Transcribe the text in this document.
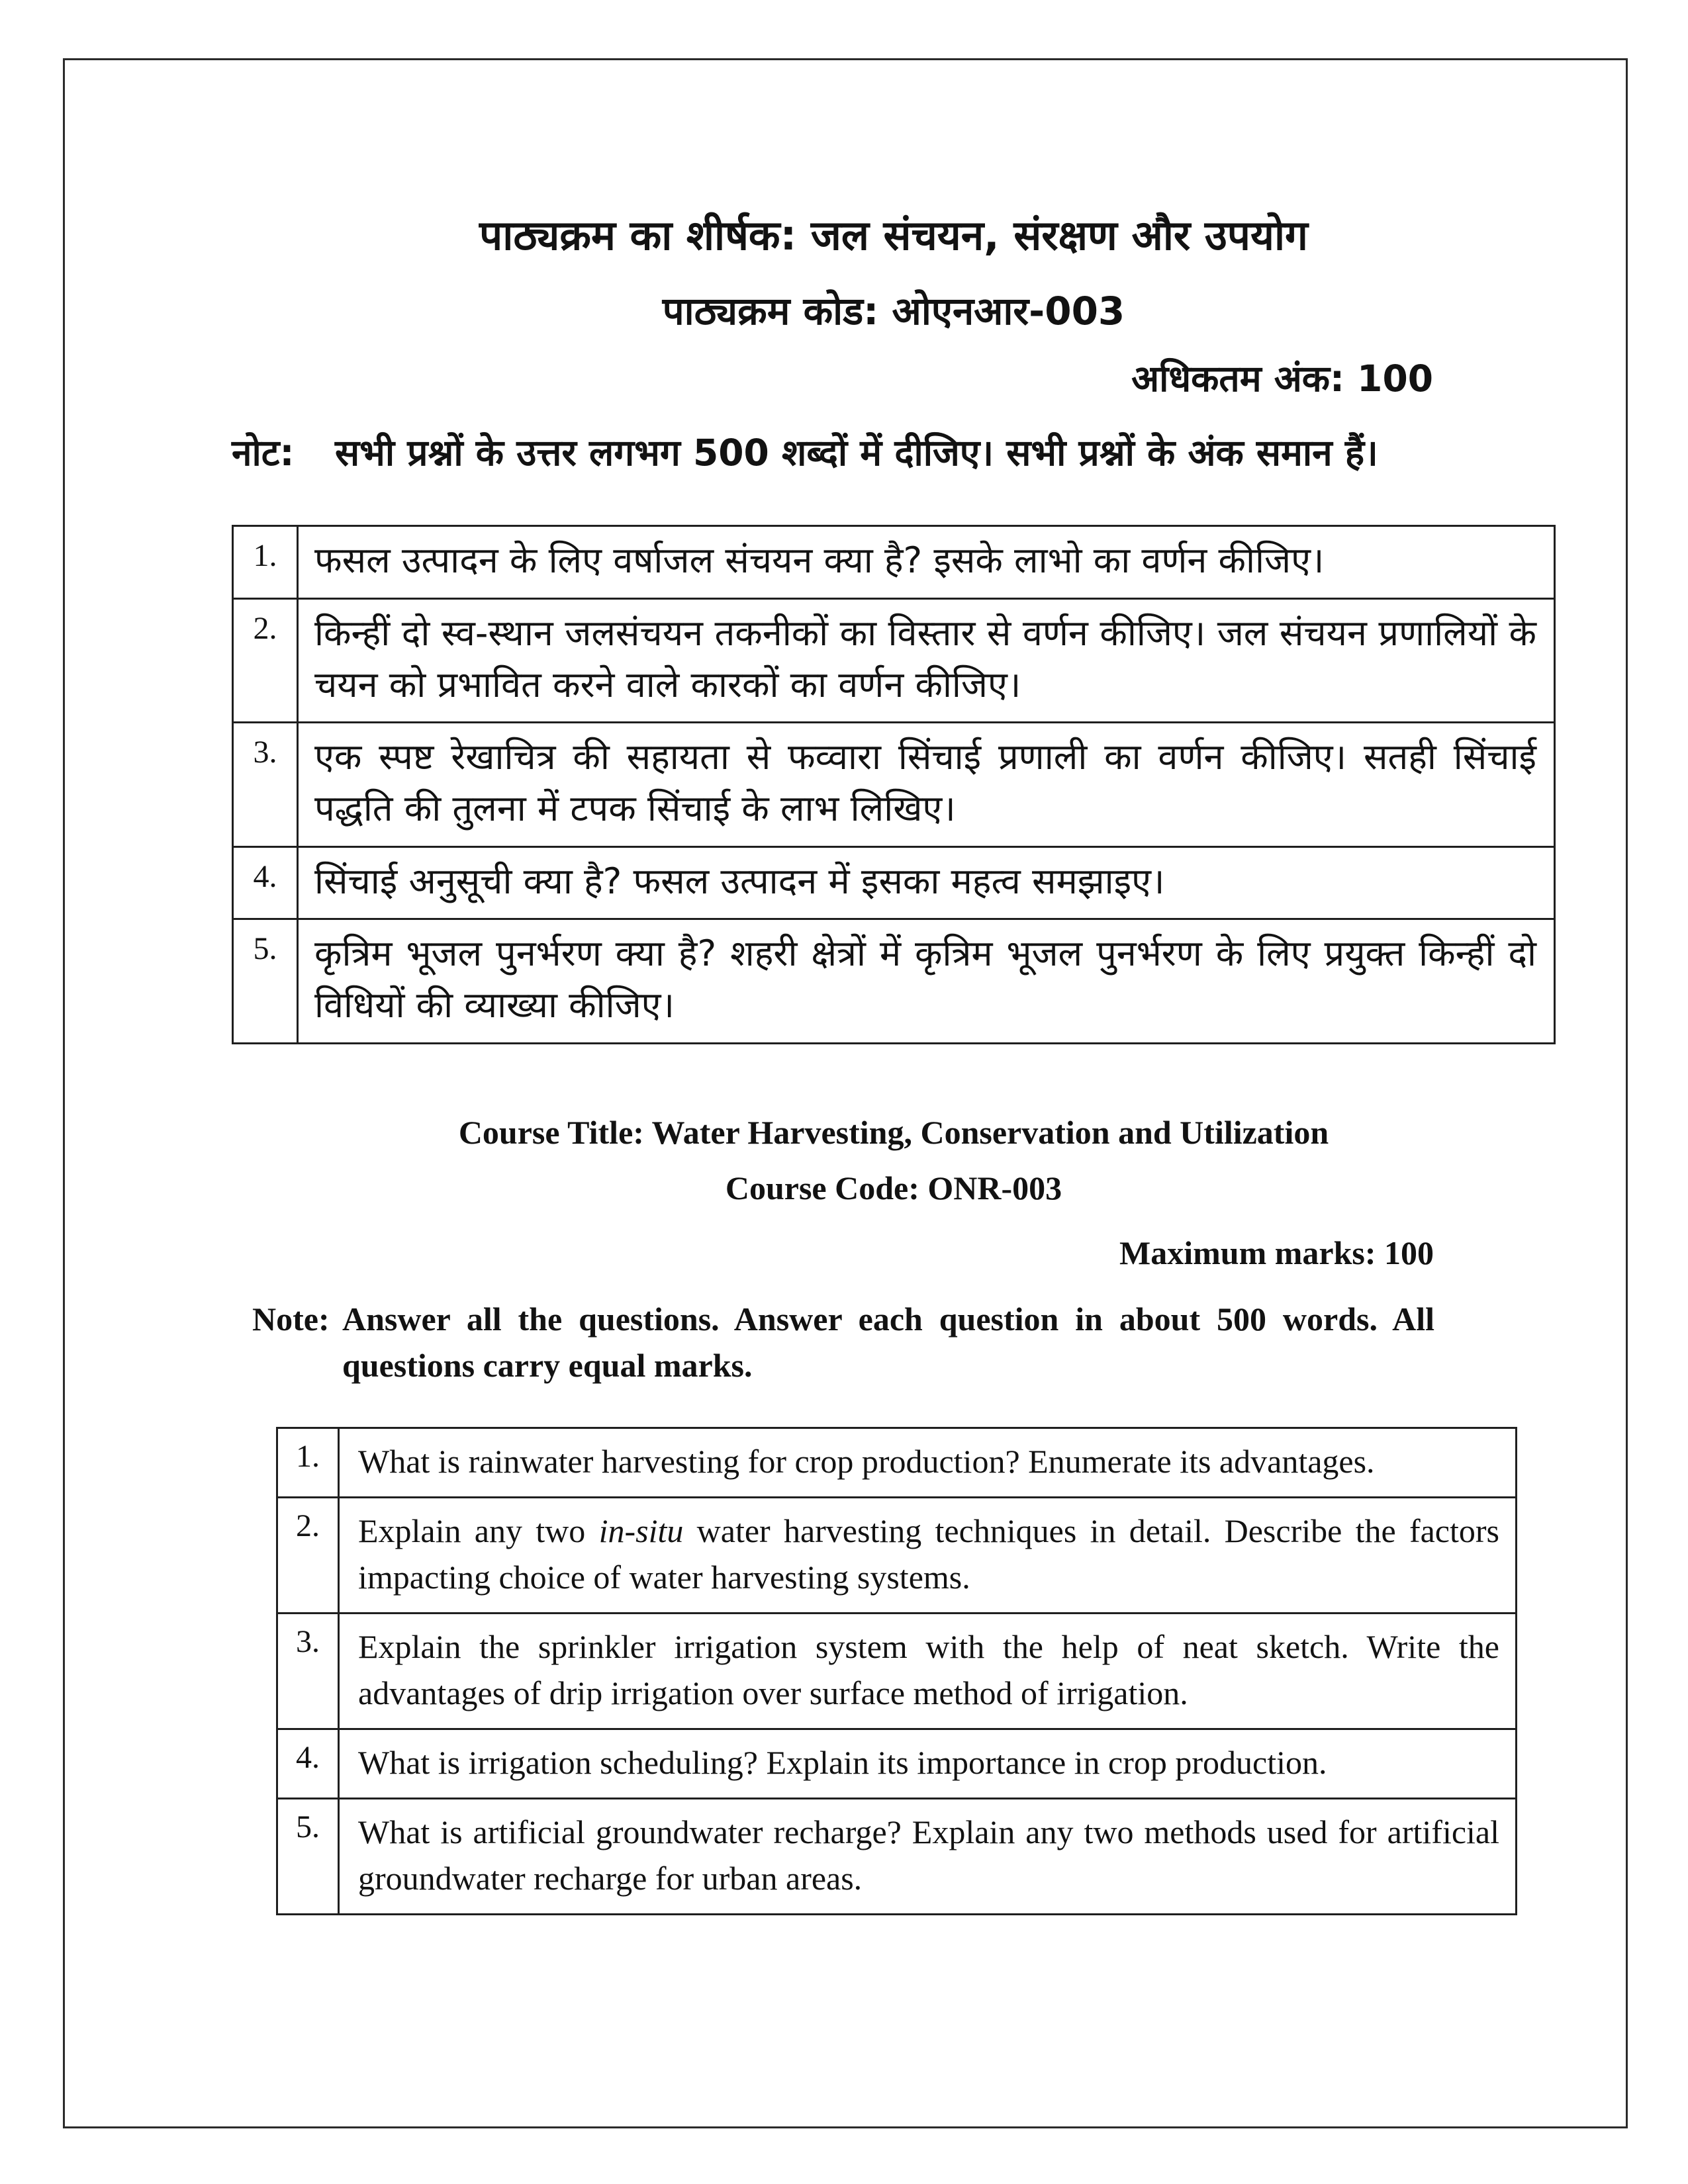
पाठ्यक्रम का शीर्षक: जल संचयन, संरक्षण और उपयोग
पाठ्यक्रम कोड: ओएनआर-003
अधिकतम अंक: 100
नोट:	सभी प्रश्नों के उत्तर लगभग 500 शब्दों में दीजिए। सभी प्रश्नों के अंक समान हैं।
1.	फसल उत्पादन के लिए वर्षाजल संचयन क्या है? इसके लाभो का वर्णन कीजिए।
2.	किन्हीं दो स्व-स्थान जलसंचयन तकनीकों का विस्तार से वर्णन कीजिए। जल संचयन प्रणालियों के चयन को प्रभावित करने वाले कारकों का वर्णन कीजिए।
3.	एक स्पष्ट रेखाचित्र की सहायता से फव्वारा सिंचाई प्रणाली का वर्णन कीजिए। सतही सिंचाई पद्धति की तुलना में टपक सिंचाई के लाभ लिखिए।
4.	सिंचाई अनुसूची क्या है? फसल उत्पादन में इसका महत्व समझाइए।
5.	कृत्रिम भूजल पुनर्भरण क्या है? शहरी क्षेत्रों में कृत्रिम भूजल पुनर्भरण के लिए प्रयुक्त किन्हीं दो विधियों की व्याख्या कीजिए।
Course Title: Water Harvesting, Conservation and Utilization
Course Code: ONR-003
Maximum marks: 100
Note: Answer all the questions. Answer each question in about 500 words. All questions carry equal marks.
1.	What is rainwater harvesting for crop production? Enumerate its advantages.
2.	Explain any two in-situ water harvesting techniques in detail. Describe the factors impacting choice of water harvesting systems.
3.	Explain the sprinkler irrigation system with the help of neat sketch. Write the advantages of drip irrigation over surface method of irrigation.
4.	What is irrigation scheduling? Explain its importance in crop production.
5.	What is artificial groundwater recharge? Explain any two methods used for artificial groundwater recharge for urban areas.
